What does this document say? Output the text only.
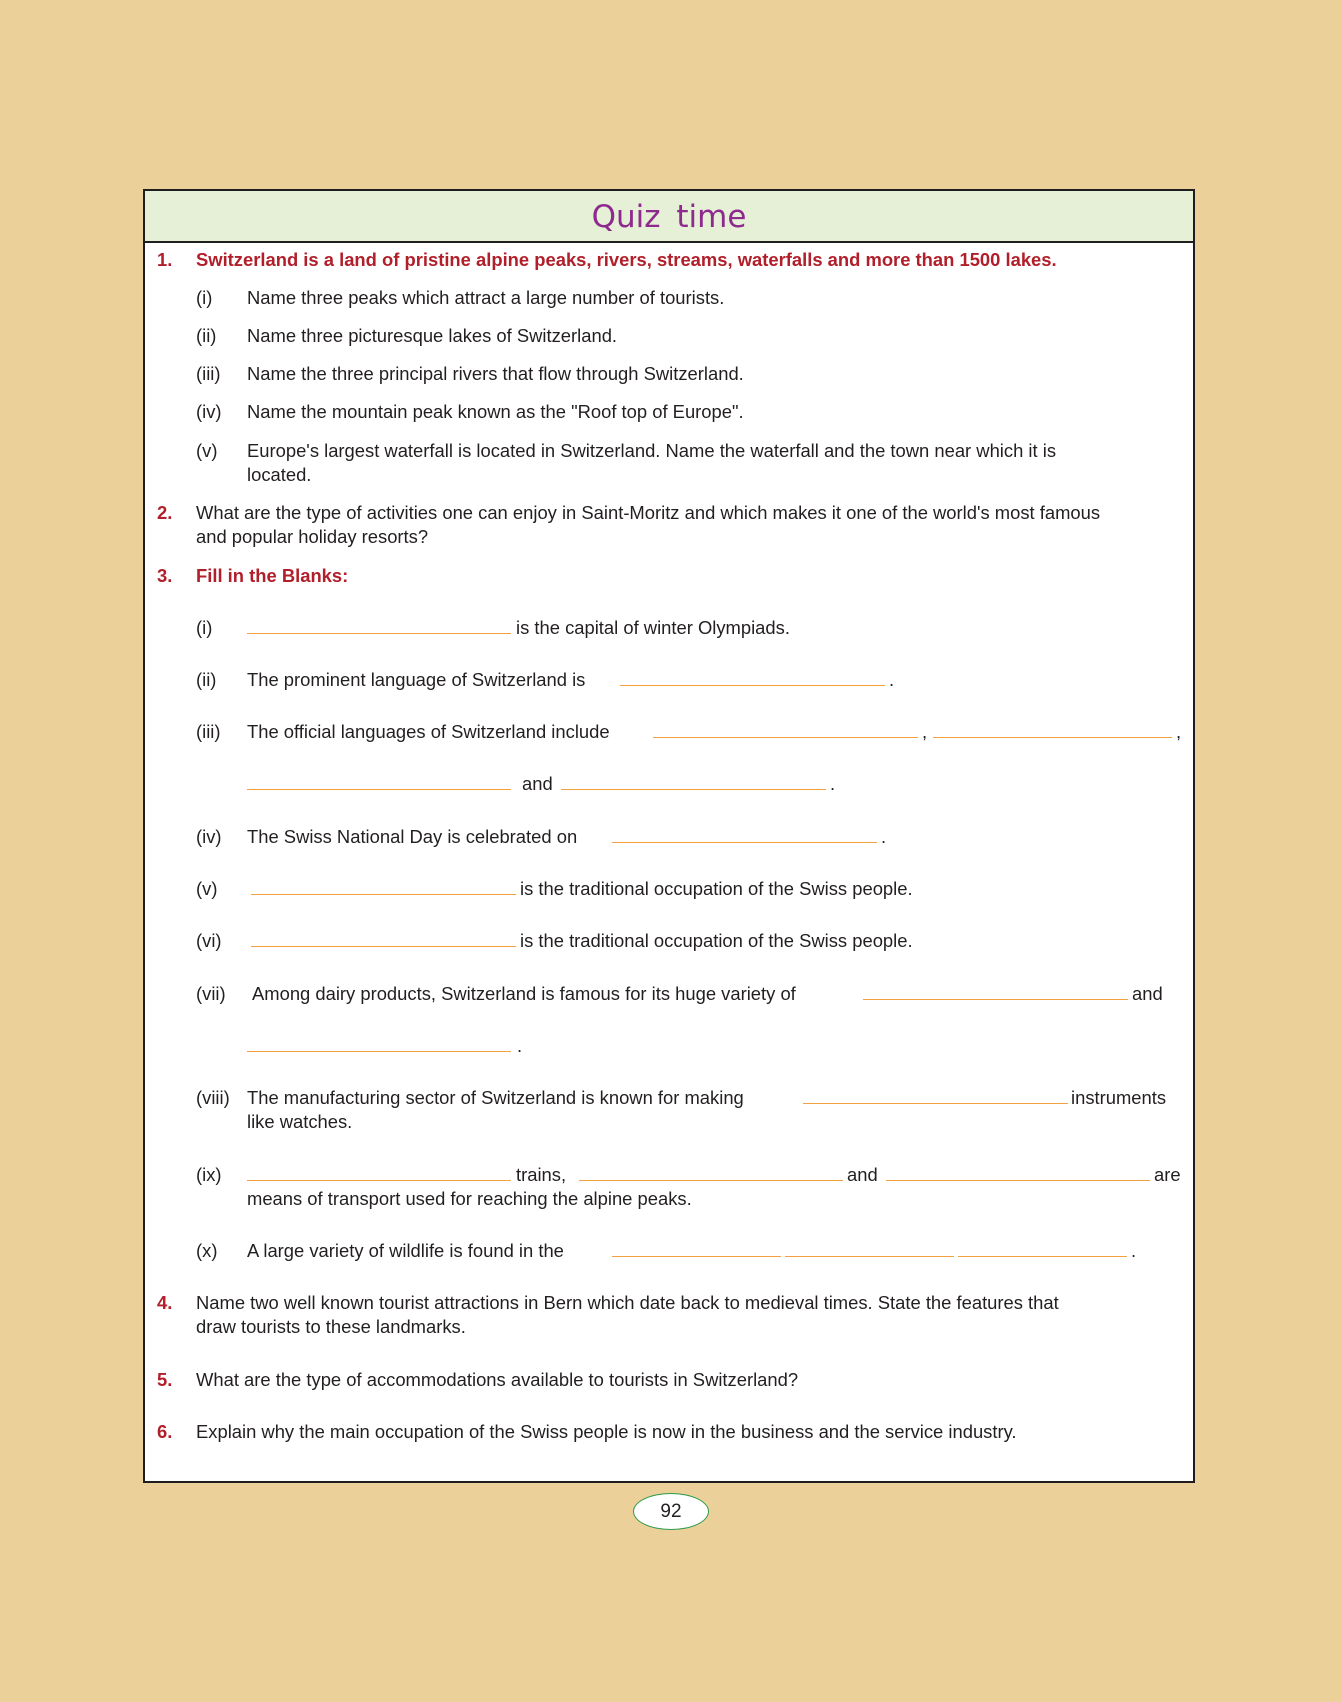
Quiz time
1. Switzerland is a land of pristine alpine peaks, rivers, streams, waterfalls and more than 1500 lakes.
(i) Name three peaks which attract a large number of tourists.
(ii) Name three picturesque lakes of Switzerland.
(iii) Name the three principal rivers that flow through Switzerland.
(iv) Name the mountain peak known as the "Roof top of Europe".
(v) Europe's largest waterfall is located in Switzerland. Name the waterfall and the town near which it is
located.
2. What are the type of activities one can enjoy in Saint-Moritz and which makes it one of the world's most famous
and popular holiday resorts?
3. Fill in the Blanks:
(i)	is the capital of winter Olympiads.
(ii) The prominent language of Switzerland is	.
(iii) The official languages of Switzerland include	,	,
and	.
(iv) The Swiss National Day is celebrated on	.
(v)	is the traditional occupation of the Swiss people.
(vi)	is the traditional occupation of the Swiss people.
(vii) Among dairy products, Switzerland is famous for its huge variety of	and
.
(viii) The manufacturing sector of Switzerland is known for making	instruments
like watches.
(ix)	trains,	and	are
means of transport used for reaching the alpine peaks.
(x) A large variety of wildlife is found in the	.
4. Name two well known tourist attractions in Bern which date back to medieval times. State the features that
draw tourists to these landmarks.
5. What are the type of accommodations available to tourists in Switzerland?
6. Explain why the main occupation of the Swiss people is now in the business and the service industry.
92
